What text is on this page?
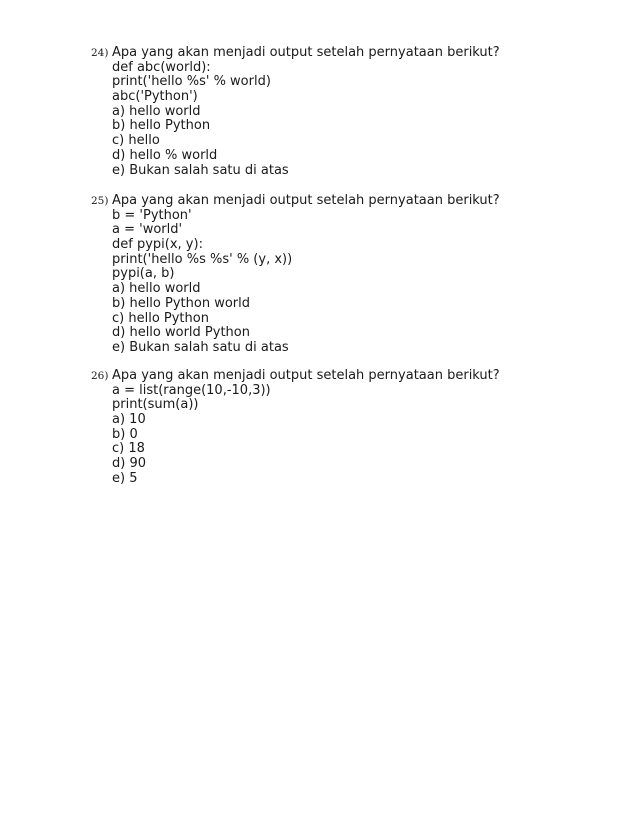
24) Apa yang akan menjadi output setelah pernyataan berikut?
def abc(world):
print('hello %s' % world)
abc('Python')
a) hello world
b) hello Python
c) hello
d) hello % world
e) Bukan salah satu di atas
25) Apa yang akan menjadi output setelah pernyataan berikut?
b = 'Python'
a = 'world'
def pypi(x, y):
print('hello %s %s' % (y, x))
pypi(a, b)
a) hello world
b) hello Python world
c) hello Python
d) hello world Python
e) Bukan salah satu di atas
26) Apa yang akan menjadi output setelah pernyataan berikut?
a = list(range(10,-10,3))
print(sum(a))
a) 10
b) 0
c) 18
d) 90
e) 5
